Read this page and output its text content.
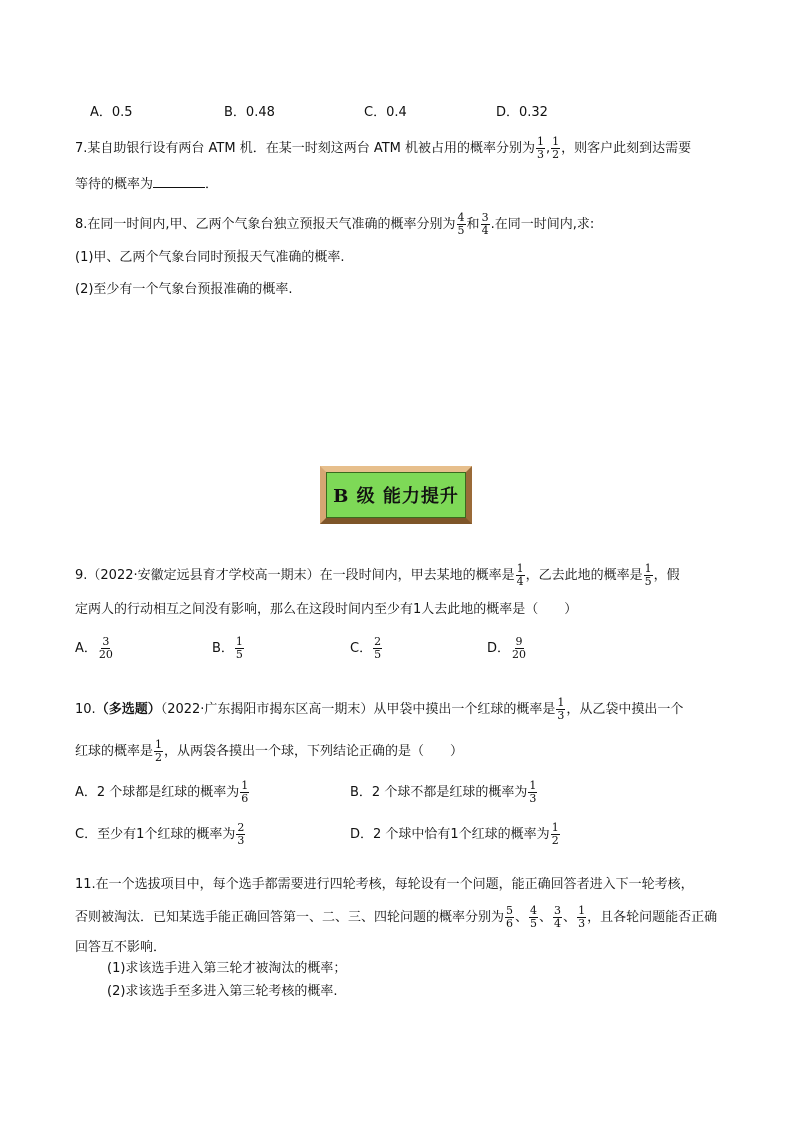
A．0.5	B．0.48	C．0.4	D．0.32
7.某自助银行设有两台 ATM 机．在某一时刻这两台 ATM 机被占用的概率分别为 $\frac{1}{3}$ , $\frac{1}{2}$ ，则客户此刻到达需要
等待的概率为	．
8.在同一时间内,甲、乙两个气象台独立预报天气准确的概率分别为 $\frac{4}{5}$ 和 $\frac{3}{4}$ .在同一时间内,求:
(1)甲、乙两个气象台同时预报天气准确的概率.
(2)至少有一个气象台预报准确的概率.
B 级 能力提升
9.（2022·安徽定远县育才学校高一期末）在一段时间内，甲去某地的概率是 $\frac{1}{4}$ ，乙去此地的概率是 $\frac{1}{5}$ ，假
定两人的行动相互之间没有影响，那么在这段时间内至少有1人去此地的概率是（　　）
A． $\frac{3}{20}$	B． $\frac{1}{5}$	C． $\frac{2}{5}$	D． $\frac{9}{20}$
10.（多选题）（2022·广东揭阳市揭东区高一期末）从甲袋中摸出一个红球的概率是 $\frac{1}{3}$ ，从乙袋中摸出一个
红球的概率是 $\frac{1}{2}$ ，从两袋各摸出一个球，下列结论正确的是（　　）
A．2 个球都是红球的概率为 $\frac{1}{6}$	B．2 个球不都是红球的概率为 $\frac{1}{3}$
C．至少有1个红球的概率为 $\frac{2}{3}$	D．2 个球中恰有1个红球的概率为 $\frac{1}{2}$
11.在一个选拔项目中，每个选手都需要进行四轮考核，每轮设有一个问题，能正确回答者进入下一轮考核，
否则被淘汰．已知某选手能正确回答第一、二、三、四轮问题的概率分别为 $\frac{5}{6}$ 、 $\frac{4}{5}$ 、 $\frac{3}{4}$ 、 $\frac{1}{3}$ ，且各轮问题能否正确
回答互不影响．
(1)求该选手进入第三轮才被淘汰的概率；
(2)求该选手至多进入第三轮考核的概率.
